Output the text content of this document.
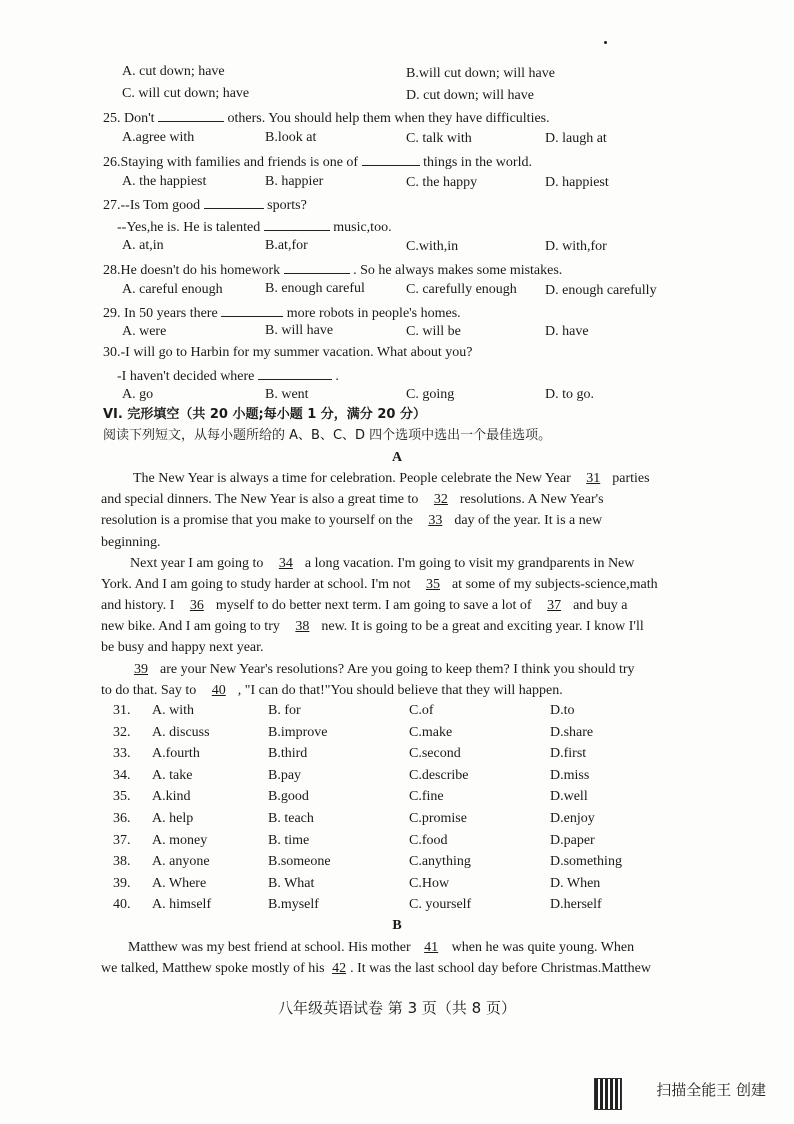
A. cut down; have	B.will cut down; will have
C. will cut down; have	D. cut down; will have
25. Don't	others. You should help them when they have difficulties.
A.agree with	B.look at	C. talk with	D. laugh at
26.Staying with families and friends is one of	things in the world.
A. the happiest	B. happier	C. the happy	D. happiest
27.--Is Tom good	sports?
--Yes,he is. He is talented	music,too.
A. at,in	B.at,for	C.with,in	D. with,for
28.He doesn't do his homework	. So he always makes some mistakes.
A. careful enough	B. enough careful	C. carefully enough D. enough carefully
29. In 50 years there	more robots in people's homes.
A. were	B. will have	C. will be	D. have
30.-I will go to Harbin for my summer vacation. What about you?
-I haven't decided where	.
A. go	B. went	C. going	D. to go.
VI. 完形填空（共 20 小题;每小题 1 分，满分 20 分）
阅读下列短文，从每小题所给的 A、B、C、D 四个选项中选出一个最佳选项。
A
The New Year is always a time for celebration. People celebrate the New Year 31 parties
and special dinners. The New Year is also a great time to 32 resolutions. A New Year's
resolution is a promise that you make to yourself on the 33 day of the year. It is a new
beginning.
Next year I am going to 34 a long vacation. I'm going to visit my grandparents in New
York. And I am going to study harder at school. I'm not 35 at some of my subjects-science,math
and history. I 36 myself to do better next term. I am going to save a lot of 37 and buy a
new bike. And I am going to try 38 new. It is going to be a great and exciting year. I know I'll
be busy and happy next year.
39 are your New Year's resolutions? Are you going to keep them? I think you should try
to do that. Say to 40 , "I can do that!"You should believe that they will happen.
31. A. with	B. for	C.of	D.to
32. A. discuss	B.improve	C.make	D.share
33. A.fourth	B.third	C.second	D.first
34. A. take	B.pay	C.describe	D.miss
35. A.kind	B.good	C.fine	D.well
36. A. help	B. teach	C.promise	D.enjoy
37. A. money	B. time	C.food	D.paper
38. A. anyone	B.someone	C.anything	D.something
39. A. Where	B. What	C.How	D. When
40. A. himself	B.myself	C. yourself	D.herself
B
Matthew was my best friend at school. His mother 41 when he was quite young. When
we talked, Matthew spoke mostly of his 42 . It was the last school day before Christmas.Matthew
八年级英语试卷 第 3 页（共 8 页）
扫描全能王 创建
